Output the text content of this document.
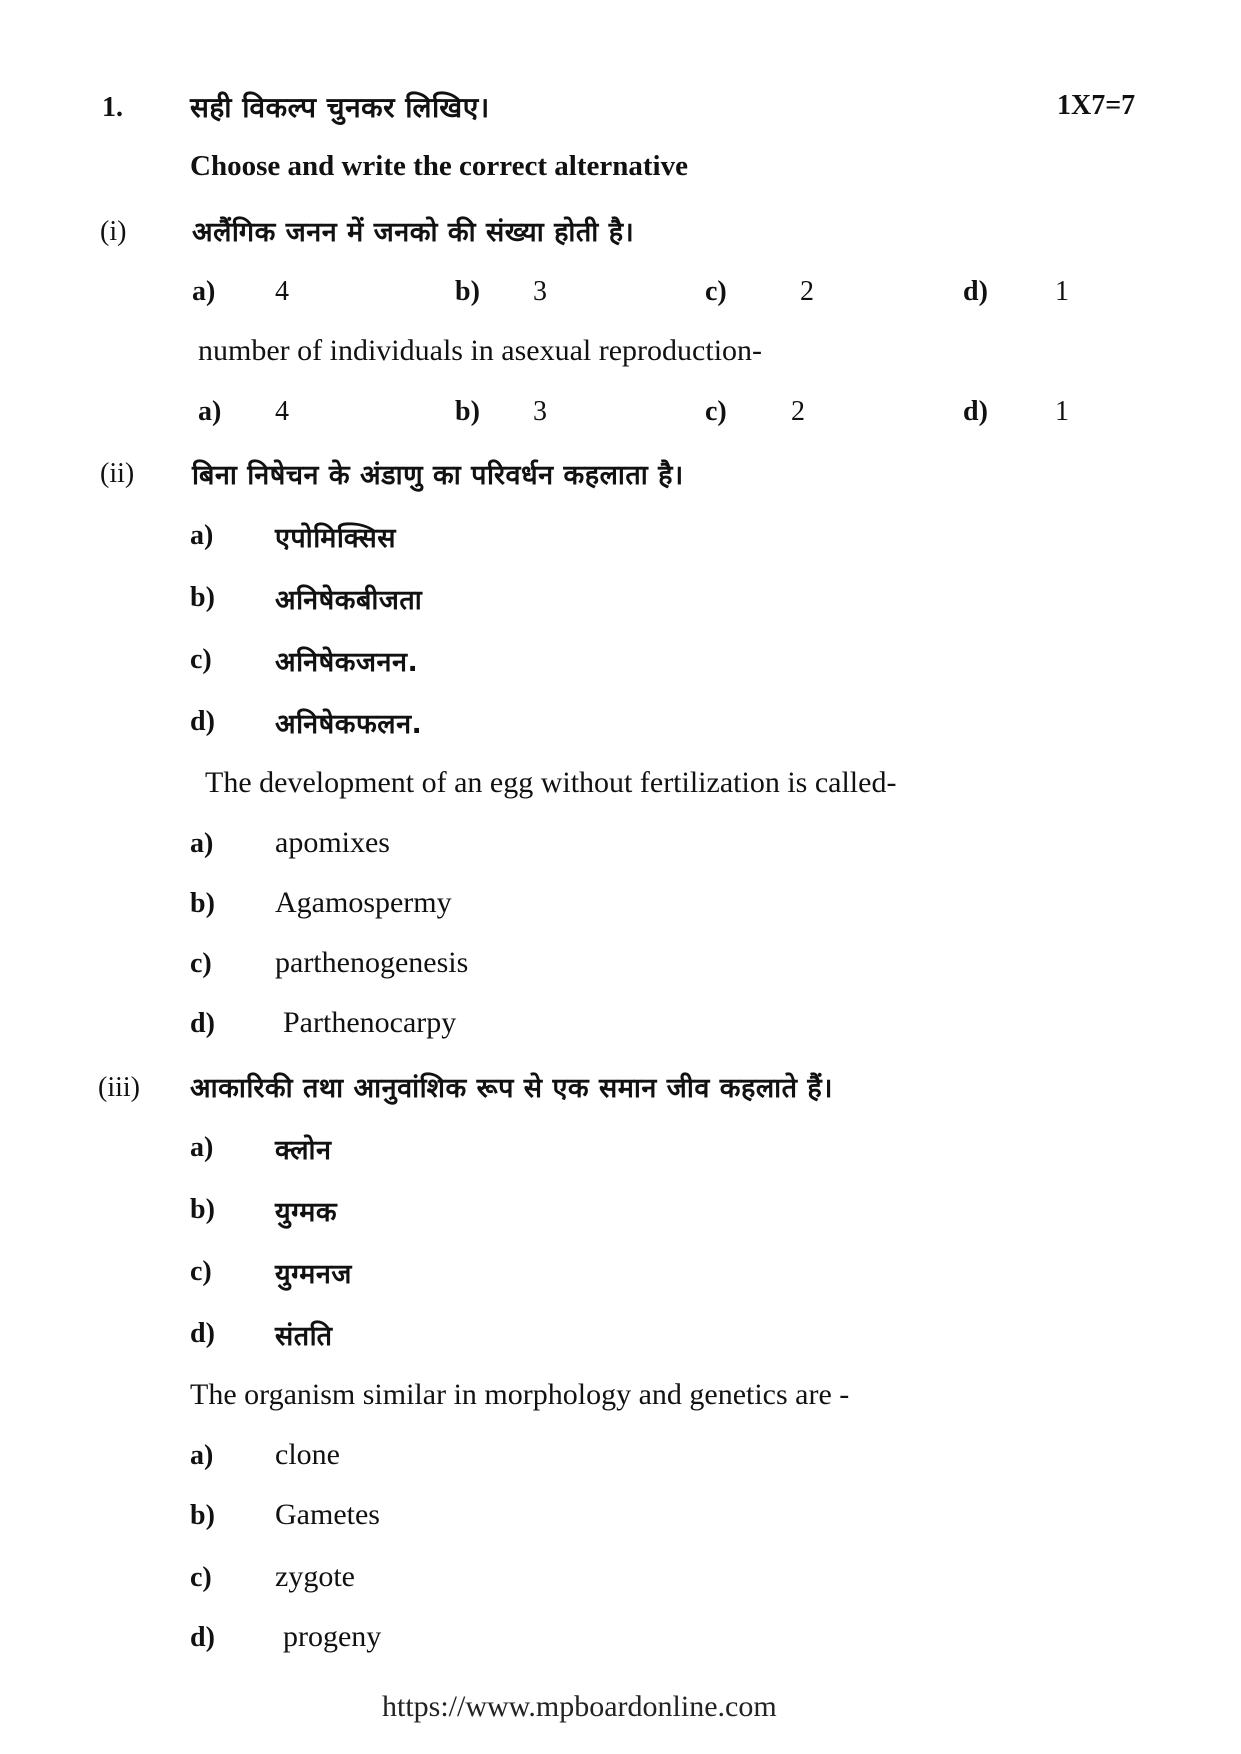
1. सही विकल्प चुनकर लिखिए।	1X7=7
Choose and write the correct alternative
(i) अलैंगिक जनन में जनको की संख्या होती है।
a) 4	b) 3	c)	2	d) 1
number of individuals in asexual reproduction-
a) 4	b) 3	c) 2	d) 1
(ii) बिना निषेचन के अंडाणु का परिवर्धन कहलाता है।
a) एपोमिक्सिस
b) अनिषेकबीजता
c) अनिषेकजनन.
d) अनिषेकफलन.
The development of an egg without fertilization is called-
a) apomixes
b) Agamospermy
c) parthenogenesis
d) Parthenocarpy
(iii) आकारिकी तथा आनुवांशिक रूप से एक समान जीव कहलाते हैं।
a) क्लोन
b) युग्मक
c) युग्मनज
d) संतति
The organism similar in morphology and genetics are -
a) clone
b) Gametes
c) zygote
d) progeny
https://www.mpboardonline.com
